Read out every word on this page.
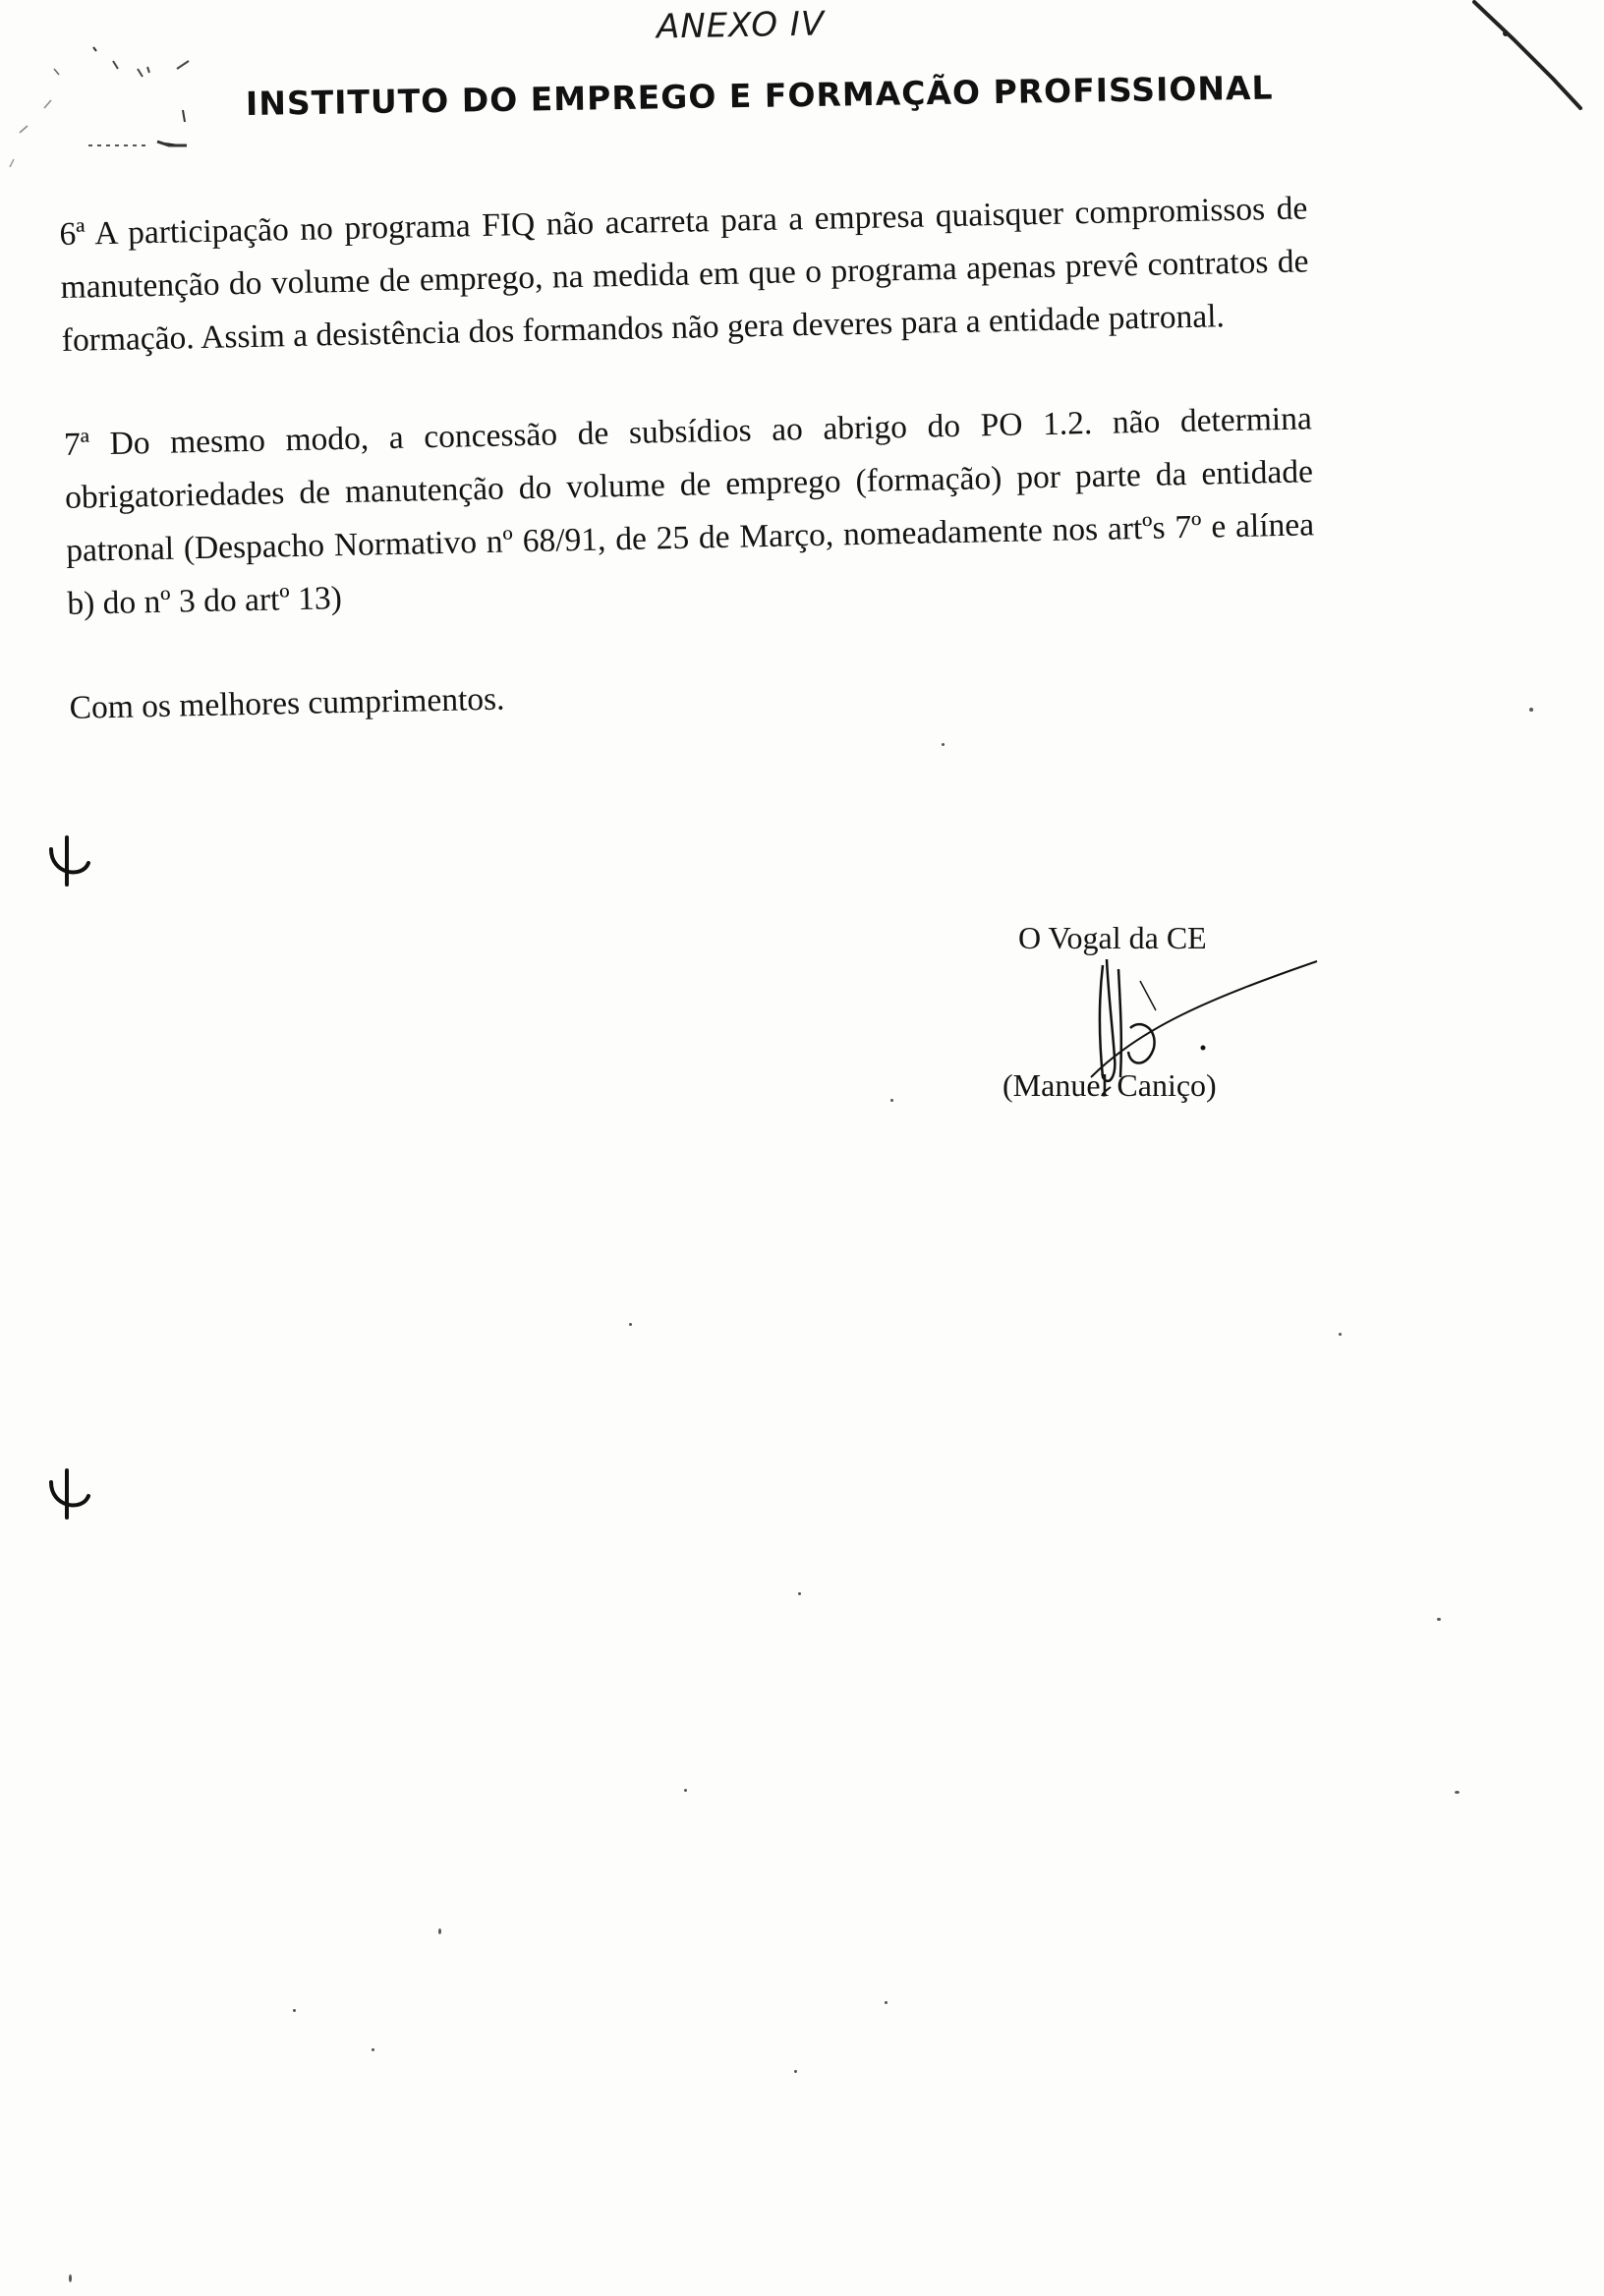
ANEXO IV
INSTITUTO DO EMPREGO E FORMAÇÃO PROFISSIONAL

6ª A participação no programa FIQ não acarreta para a empresa quaisquer compromissos de manutenção do volume de emprego, na medida em que o programa apenas prevê contratos de formação. Assim a desistência dos formandos não gera deveres para a entidade patronal.

7ª Do mesmo modo, a concessão de subsídios ao abrigo do PO 1.2. não determina obrigatoriedades de manutenção do volume de emprego (formação) por parte da entidade patronal (Despacho Normativo nº 68/91, de 25 de Março, nomeadamente nos artºs 7º e alínea b) do nº 3 do artº 13)

Com os melhores cumprimentos.

O Vogal da CE
(Manuel Caniço)
